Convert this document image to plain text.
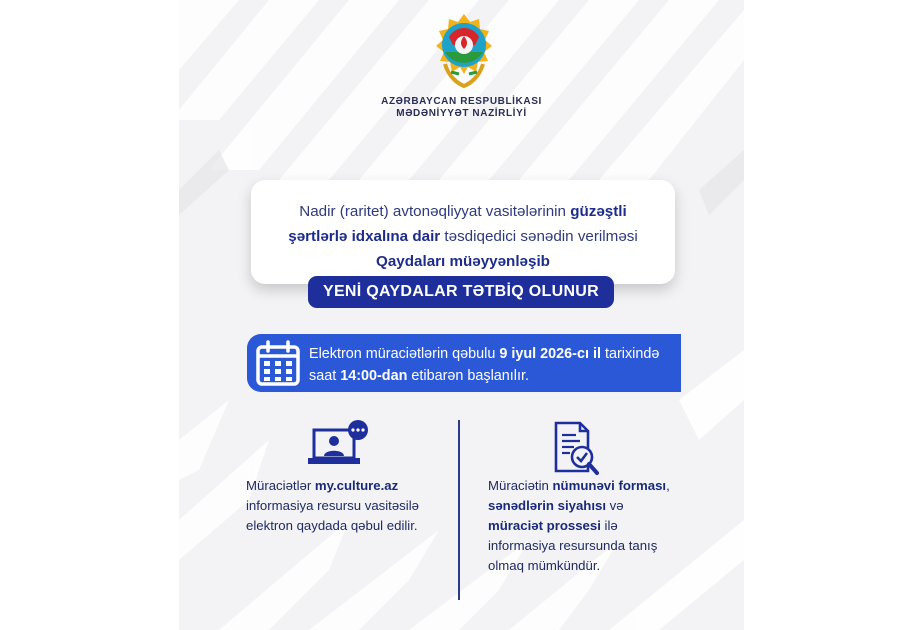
AZƏRBAYCAN RESPUBLİKASI
MƏDƏNİYYƏT NAZİRLİYİ
Nadir (raritet) avtonəqliyyat vasitələrinin güzəştli
şərtlərlə idxalına dair təsdiqedici sənədin verilməsi
Qaydaları müəyyənləşib
YENİ QAYDALAR TƏTBİQ OLUNUR
Elektron müraciətlərin qəbulu 9 iyul 2026-cı il tarixində
saat 14:00-dan etibarən başlanılır.
Müraciətlər my.culture.az
informasiya resursu vasitəsilə
elektron qaydada qəbul edilir.
Müraciətin nümunəvi forması,
sənədlərin siyahısı və
müraciət prossesi ilə
informasiya resursunda tanış
olmaq mümkündür.
